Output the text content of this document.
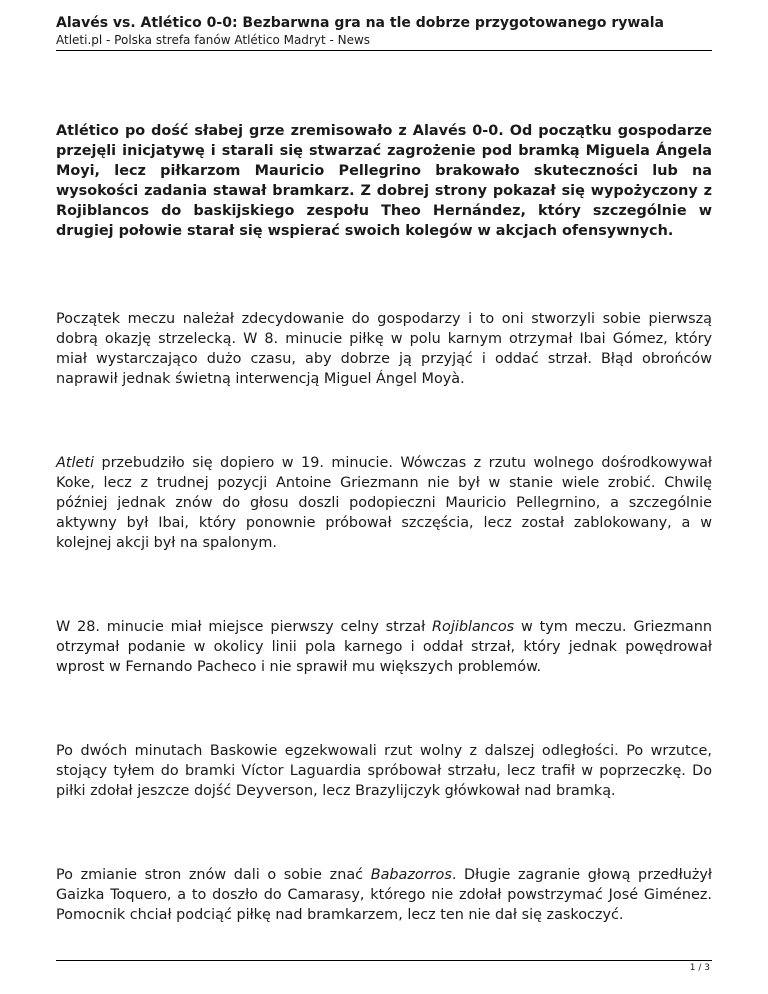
Alavés vs. Atlético 0-0: Bezbarwna gra na tle dobrze przygotowanego rywala
Atleti.pl - Polska strefa fanów Atlético Madryt - News

Atlético po dość słabej grze zremisowało z Alavés 0-0. Od początku gospodarze przejęli inicjatywę i starali się stwarzać zagrożenie pod bramką Miguela Ángela Moyi, lecz piłkarzom Mauricio Pellegrino brakowało skuteczności lub na wysokości zadania stawał bramkarz. Z dobrej strony pokazał się wypożyczony z Rojiblancos do baskijskiego zespołu Theo Hernández, który szczególnie w drugiej połowie starał się wspierać swoich kolegów w akcjach ofensywnych.

Początek meczu należał zdecydowanie do gospodarzy i to oni stworzyli sobie pierwszą dobrą okazję strzelecką. W 8. minucie piłkę w polu karnym otrzymał Ibai Gómez, który miał wystarczająco dużo czasu, aby dobrze ją przyjąć i oddać strzał. Błąd obrońców naprawił jednak świetną interwencją Miguel Ángel Moyà.

Atleti przebudziło się dopiero w 19. minucie. Wówczas z rzutu wolnego dośrodkowywał Koke, lecz z trudnej pozycji Antoine Griezmann nie był w stanie wiele zrobić. Chwilę później jednak znów do głosu doszli podopieczni Mauricio Pellegrnino, a szczególnie aktywny był Ibai, który ponownie próbował szczęścia, lecz został zablokowany, a w kolejnej akcji był na spalonym.

W 28. minucie miał miejsce pierwszy celny strzał Rojiblancos w tym meczu. Griezmann otrzymał podanie w okolicy linii pola karnego i oddał strzał, który jednak powędrował wprost w Fernando Pacheco i nie sprawił mu większych problemów.

Po dwóch minutach Baskowie egzekwowali rzut wolny z dalszej odległości. Po wrzutce, stojący tyłem do bramki Víctor Laguardia spróbował strzału, lecz trafił w poprzeczkę. Do piłki zdołał jeszcze dojść Deyverson, lecz Brazylijczyk główkował nad bramką.

Po zmianie stron znów dali o sobie znać Babazorros. Długie zagranie głową przedłużył Gaizka Toquero, a to doszło do Camarasy, którego nie zdołał powstrzymać José Giménez. Pomocnik chciał podciąć piłkę nad bramkarzem, lecz ten nie dał się zaskoczyć.

1 / 3
